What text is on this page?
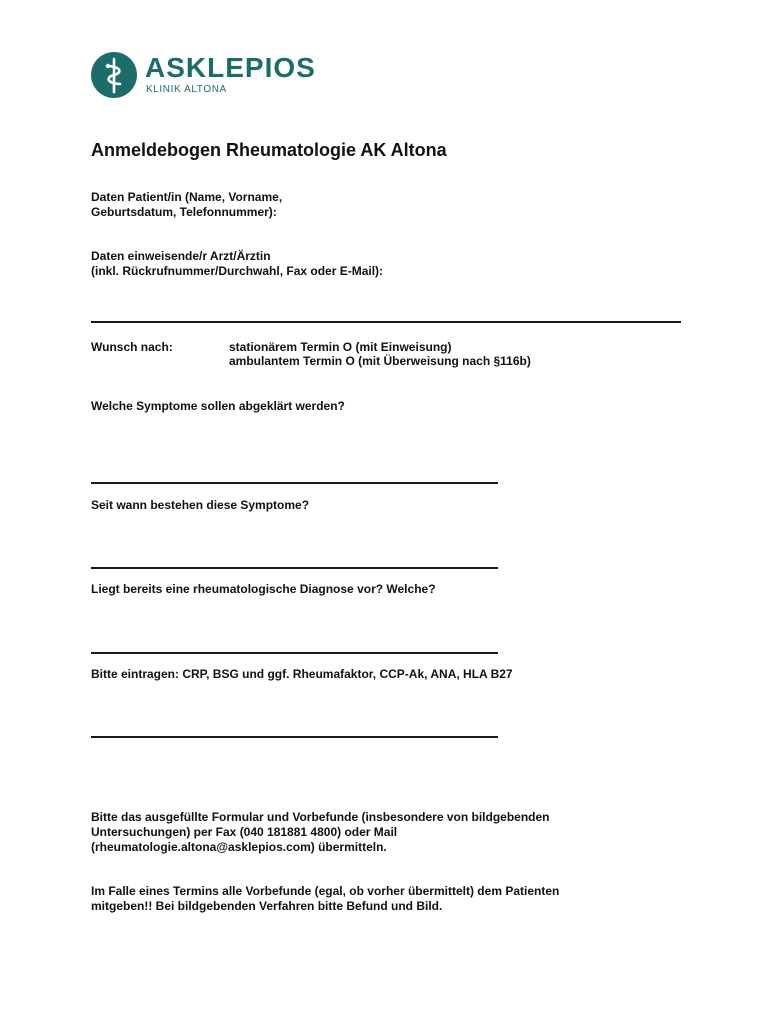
ASKLEPIOS
KLINIK ALTONA
Anmeldebogen Rheumatologie AK Altona
Daten Patient/in (Name, Vorname,
Geburtsdatum, Telefonnummer):
Daten einweisende/r Arzt/Ärztin
(inkl. Rückrufnummer/Durchwahl, Fax oder E-Mail):
Wunsch nach:	stationärem Termin O (mit Einweisung)
ambulantem Termin O (mit Überweisung nach §116b)
Welche Symptome sollen abgeklärt werden?
Seit wann bestehen diese Symptome?
Liegt bereits eine rheumatologische Diagnose vor? Welche?
Bitte eintragen: CRP, BSG und ggf. Rheumafaktor, CCP-Ak, ANA, HLA B27
Bitte das ausgefüllte Formular und Vorbefunde (insbesondere von bildgebenden
Untersuchungen) per Fax (040 181881 4800) oder Mail
(rheumatologie.altona@asklepios.com) übermitteln.
Im Falle eines Termins alle Vorbefunde (egal, ob vorher übermittelt) dem Patienten
mitgeben!! Bei bildgebenden Verfahren bitte Befund und Bild.
